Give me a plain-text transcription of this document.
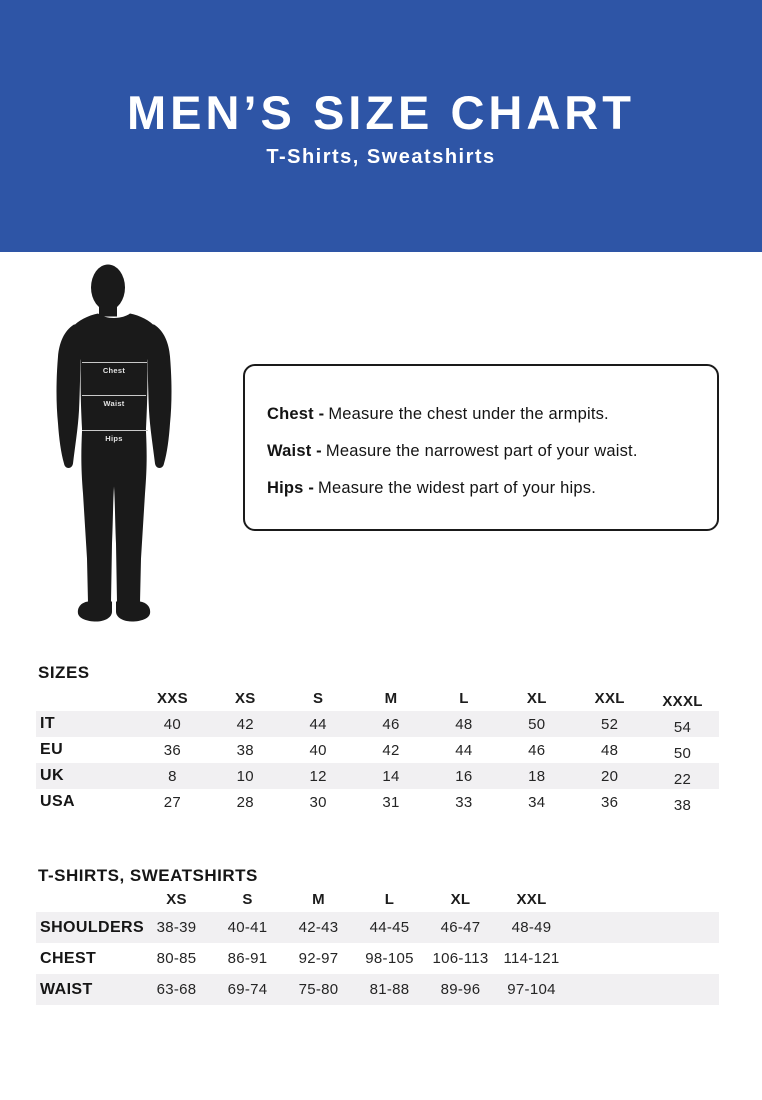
MEN’S SIZE CHART
T-Shirts, Sweatshirts
Chest
Waist
Hips
Chest - Measure the chest under the armpits.
Waist - Measure the narrowest part of your waist.
Hips - Measure the widest part of your hips.
SIZES
XXS	XS	S	M	L	XL	XXL	XXXL
IT	40	42	44	46	48	50	52	54
EU	36	38	40	42	44	46	48	50
UK	8	10	12	14	16	18	20	22
USA	27	28	30	31	33	34	36	38
T-SHIRTS, SWEATSHIRTS
XS	S	M	L	XL	XXL
SHOULDERS 38-39	40-41	42-43	44-45	46-47	48-49
CHEST	80-85	86-91	92-97	98-105	106-113 114-121
WAIST	63-68	69-74	75-80	81-88	89-96	97-104
